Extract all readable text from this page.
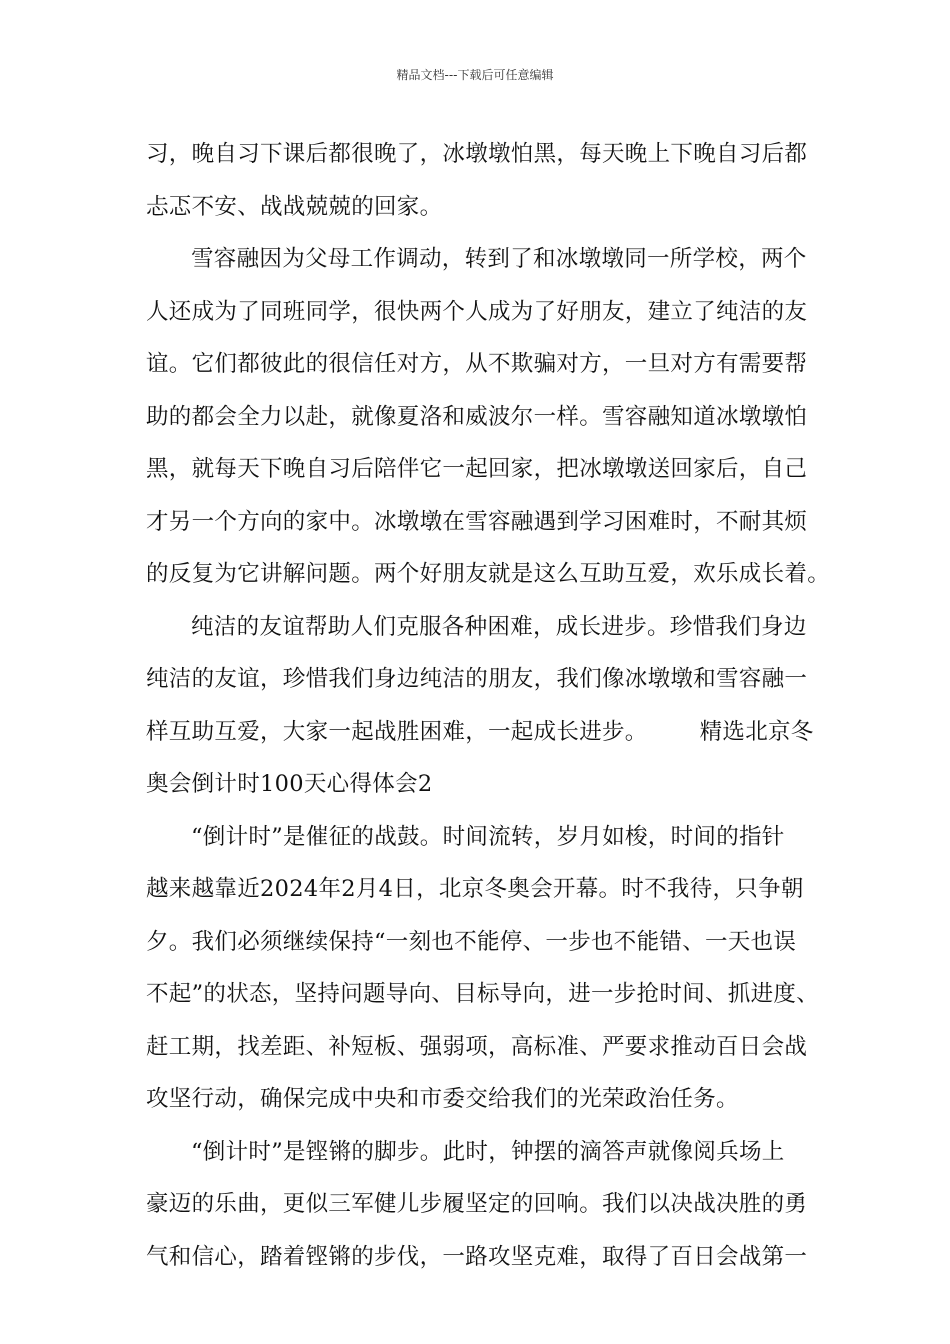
精品文档---下载后可任意编辑
习，晚自习下课后都很晚了，冰墩墩怕黑，每天晚上下晚自习后都
忐忑不安、战战兢兢的回家。
雪容融因为父母工作调动，转到了和冰墩墩同一所学校，两个
人还成为了同班同学，很快两个人成为了好朋友，建立了纯洁的友
谊。它们都彼此的很信任对方，从不欺骗对方，一旦对方有需要帮
助的都会全力以赴，就像夏洛和威波尔一样。雪容融知道冰墩墩怕
黑，就每天下晚自习后陪伴它一起回家，把冰墩墩送回家后，自己
才另一个方向的家中。冰墩墩在雪容融遇到学习困难时，不耐其烦
的反复为它讲解问题。两个好朋友就是这么互助互爱，欢乐成长着。
纯洁的友谊帮助人们克服各种困难，成长进步。珍惜我们身边
纯洁的友谊，珍惜我们身边纯洁的朋友，我们像冰墩墩和雪容融一
样互助互爱，大家一起战胜困难，一起成长进步。 精选北京冬
奥会倒计时100天心得体会2
“倒计时”是催征的战鼓。时间流转，岁月如梭，时间的指针
越来越靠近2024年2月4日，北京冬奥会开幕。时不我待，只争朝
夕。我们必须继续保持“一刻也不能停、一步也不能错、一天也误
不起”的状态，坚持问题导向、目标导向，进一步抢时间、抓进度、
赶工期，找差距、补短板、强弱项，高标准、严要求推动百日会战
攻坚行动，确保完成中央和市委交给我们的光荣政治任务。
“倒计时”是铿锵的脚步。此时，钟摆的滴答声就像阅兵场上
豪迈的乐曲，更似三军健儿步履坚定的回响。我们以决战决胜的勇
气和信心，踏着铿锵的步伐，一路攻坚克难，取得了百日会战第一
